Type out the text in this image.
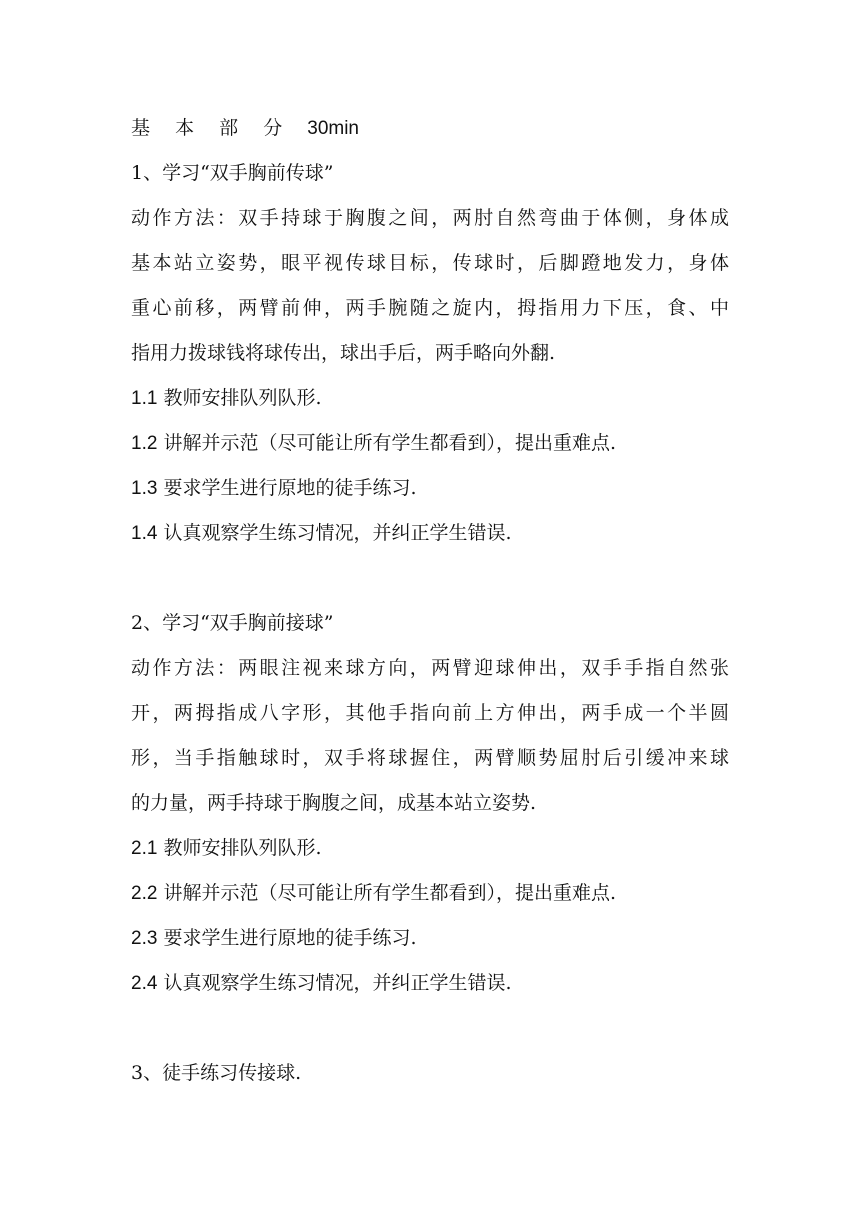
基 本 部 分 30min
1、学习“双手胸前传球”
动作方法：双手持球于胸腹之间，两肘自然弯曲于体侧，身体成
基本站立姿势，眼平视传球目标，传球时，后脚蹬地发力，身体
重心前移，两臂前伸，两手腕随之旋内，拇指用力下压，食、中
指用力拨球钱将球传出，球出手后，两手略向外翻.
1.1 教师安排队列队形.
1.2 讲解并示范（尽可能让所有学生都看到），提出重难点.
1.3 要求学生进行原地的徒手练习.
1.4 认真观察学生练习情况，并纠正学生错误.
2、学习“双手胸前接球”
动作方法：两眼注视来球方向，两臂迎球伸出，双手手指自然张
开，两拇指成八字形，其他手指向前上方伸出，两手成一个半圆
形，当手指触球时，双手将球握住，两臂顺势屈肘后引缓冲来球
的力量，两手持球于胸腹之间，成基本站立姿势.
2.1 教师安排队列队形.
2.2 讲解并示范（尽可能让所有学生都看到），提出重难点.
2.3 要求学生进行原地的徒手练习.
2.4 认真观察学生练习情况，并纠正学生错误.
3、徒手练习传接球.
